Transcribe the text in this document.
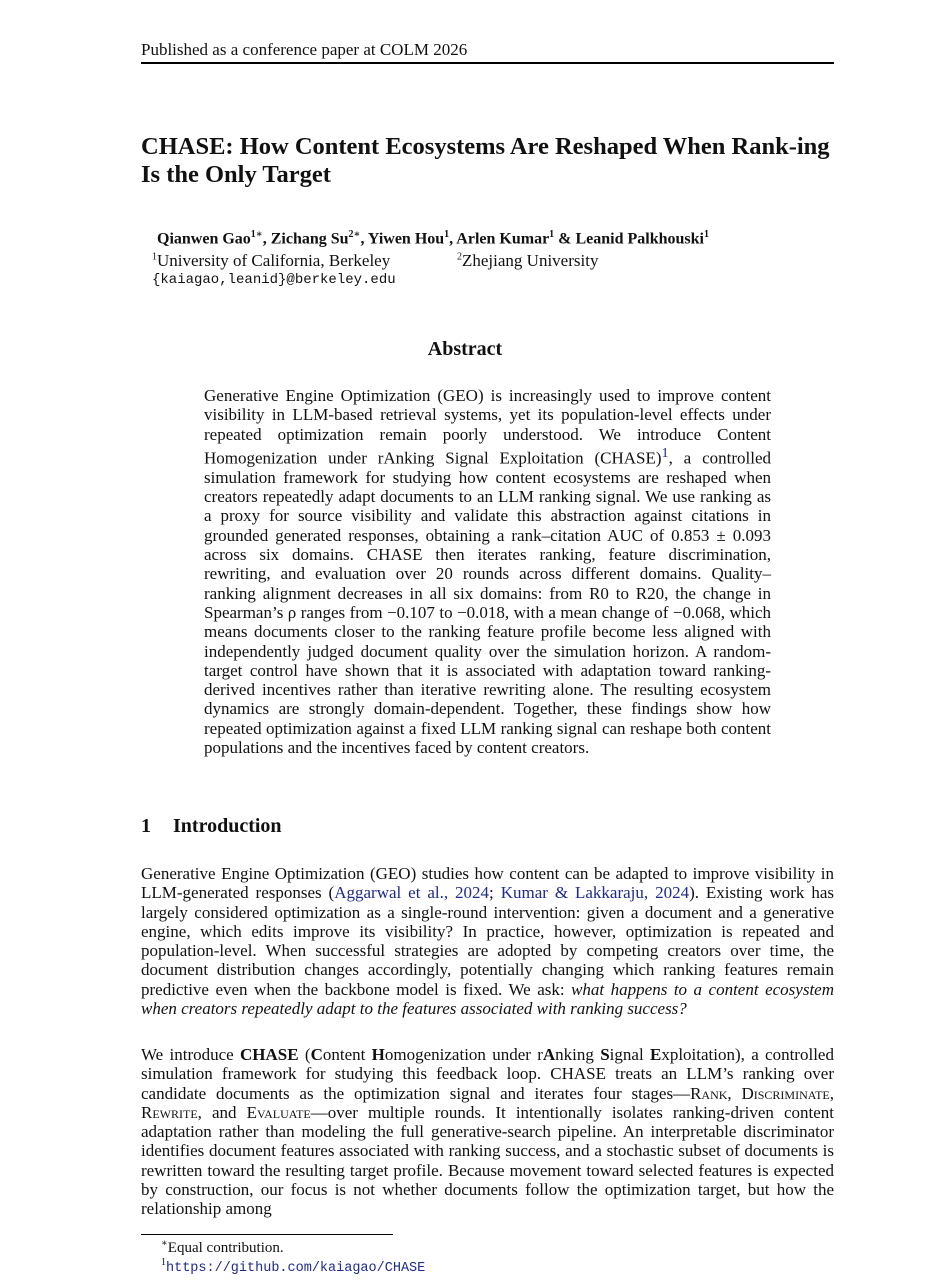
Published as a conference paper at COLM 2026
CHASE: How Content Ecosystems Are Reshaped When Rank-ing Is the Only Target
Qianwen Gao$^{1∗}$, Zichang $Su^{2∗}$, Yiwen Hou$^1$, Arlen Kumar$^1$ & Leanid Palkhouski$^1$
$^1$University of California, Berkeley	$^2$Zhejiang University
{kaiagao,leanid}@berkeley.edu
Abstract
Generative Engine Optimization (GEO) is increasingly used to improve content visibility in LLM-based retrieval systems, yet its population-level effects under repeated optimization remain poorly understood. We introduce Content Homogenization under rAnking Signal Exploitation (CHASE)$^1$, a controlled simulation framework for studying how content ecosystems are reshaped when creators repeatedly adapt documents to an LLM ranking signal. We use ranking as a proxy for source visibility and validate this abstraction against citations in grounded generated responses, obtaining a rank–citation AUC of 0.853 ± 0.093 across six domains. CHASE then iterates ranking, feature discrimination, rewriting, and evaluation over 20 rounds across different domains. Quality–ranking alignment decreases in all six domains: from R0 to R20, the change in Spearman’s ρ ranges from −0.107 to −0.018, with a mean change of −0.068, which means documents closer to the ranking feature profile become less aligned with independently judged document quality over the simulation horizon. A random-target control have shown that it is associated with adaptation toward ranking-derived incentives rather than iterative rewriting alone. The resulting ecosystem dynamics are strongly domain-dependent. Together, these findings show how repeated optimization against a fixed LLM ranking signal can reshape both content populations and the incentives faced by content creators.
1 Introduction
Generative Engine Optimization (GEO) studies how content can be adapted to improve visibility in LLM-generated responses (Aggarwal et al., 2024; Kumar & Lakkaraju, 2024). Existing work has largely considered optimization as a single-round intervention: given a document and a generative engine, which edits improve its visibility? In practice, however, optimization is repeated and population-level. When successful strategies are adopted by competing creators over time, the document distribution changes accordingly, potentially changing which ranking features remain predictive even when the backbone model is fixed. We ask: what happens to a content ecosystem when creators repeatedly adapt to the features associated with ranking success?
We introduce CHASE (Content Homogenization under rAnking Signal Exploitation), a controlled simulation framework for studying this feedback loop. CHASE treats an LLM’s ranking over candidate documents as the optimization signal and iterates four stages—Rank, Discriminate, Rewrite, and Evaluate—over multiple rounds. It intentionally isolates ranking-driven content adaptation rather than modeling the full generative-search pipeline. An interpretable discriminator identifies document features associated with ranking success, and a stochastic subset of documents is rewritten toward the resulting target profile. Because movement toward selected features is expected by construction, our focus is not whether documents follow the optimization target, but how the relationship among
∗Equal contribution.
$^1$https://github.com/kaiagao/CHASE
